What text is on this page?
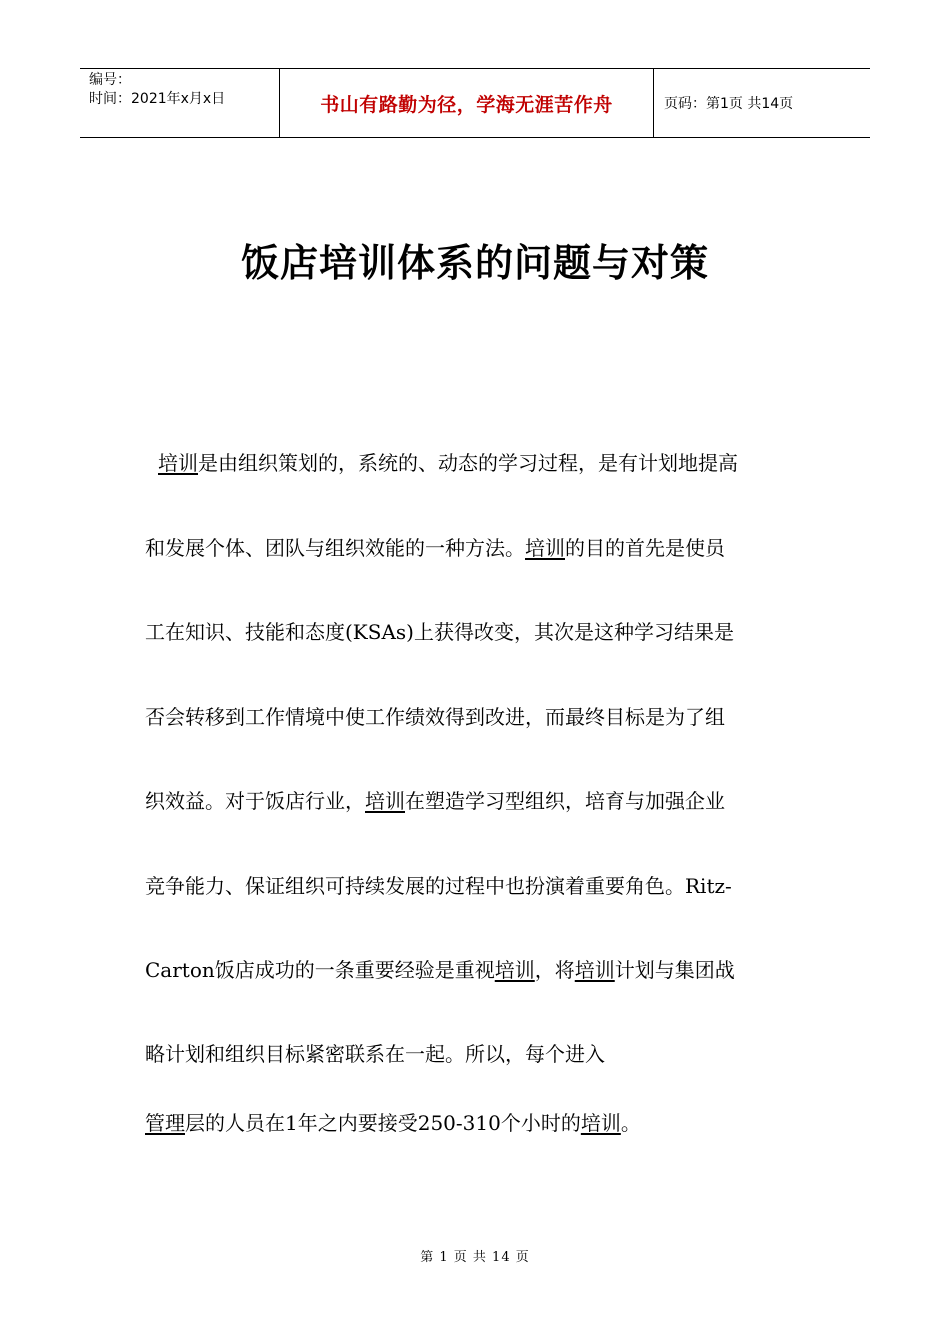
编号：
时间：2021年x月x日	书山有路勤为径，学海无涯苦作舟	页码：第1页 共14页
饭店培训体系的问题与对策
培训是由组织策划的，系统的、动态的学习过程，是有计划地提高
和发展个体、团队与组织效能的一种方法。培训的目的首先是使员
工在知识、技能和态度(KSAs)上获得改变，其次是这种学习结果是
否会转移到工作情境中使工作绩效得到改进，而最终目标是为了组
织效益。对于饭店行业，培训在塑造学习型组织，培育与加强企业
竞争能力、保证组织可持续发展的过程中也扮演着重要角色。Ritz-
Carton饭店成功的一条重要经验是重视培训，将培训计划与集团战
略计划和组织目标紧密联系在一起。所以，每个进入
管理层的人员在1年之内要接受250-310个小时的培训。
第 1 页 共 14 页
